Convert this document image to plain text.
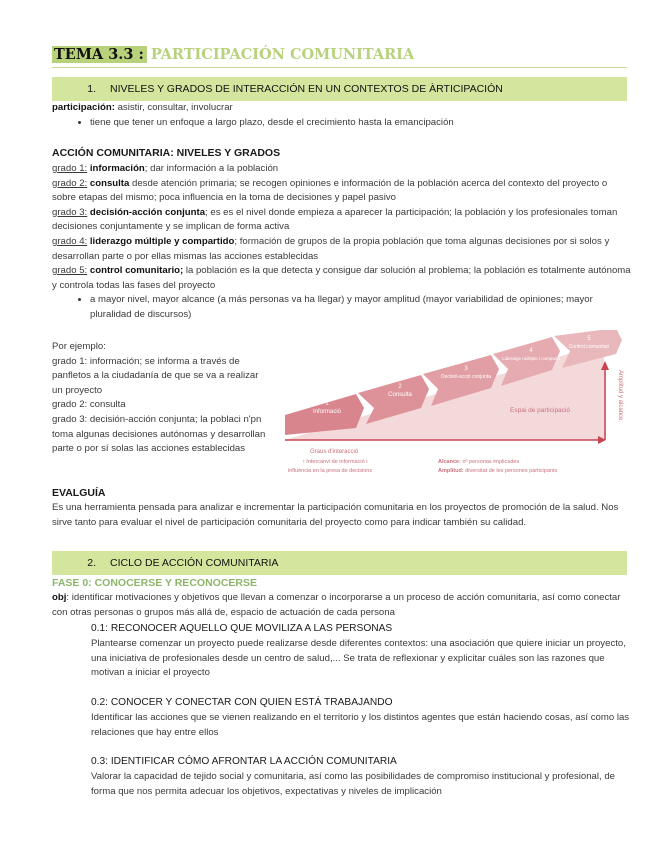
TEMA 3.3 : PARTICIPACIÓN COMUNITARIA
1. NIVELES Y GRADOS DE INTERACCIÓN EN UN CONTEXTOS DE ÀRTICIPACIÓN
participación: asistir, consultar, involucrar
• tiene que tener un enfoque a largo plazo, desde el crecimiento hasta la emancipación
ACCIÓN COMUNITARIA: NIVELES Y GRADOS
grado 1: información; dar información a la población
grado 2: consulta desde atención primaria; se recogen opiniones e información de la población acerca del contexto del proyecto o sobre etapas del mismo; poca influencia en la toma de decisiones y papel pasivo
grado 3: decisión-acción conjunta; es es el nivel donde empieza a aparecer la participación; la población y los profesionales toman decisiones conjuntamente y se implican de forma activa
grado 4: liderazgo múltiple y compartido; formación de grupos de la propia población que toma algunas decisiones por si solos y desarrollan parte o por ellas mismas las acciones establecidas
grado 5: control comunitario; la población es la que detecta y consigue dar solución al problema; la población es totalmente autónoma y controla todas las fases del proyecto
• a mayor nivel, mayor alcance (a más personas va ha llegar) y mayor amplitud (mayor variabilidad de opiniones; mayor pluralidad de discursos)
Por ejemplo:
grado 1: información; se informa a través de panfletos a la ciudadanía de que se va a realizar un proyecto
grado 2: consulta
grado 3: decisión-acción conjunta; la poblaci n'pn toma algunas decisiones autónomas y desarrollan parte o por sí solas las acciones establecidas
Espai de participació
1
Informació
2
Consulta
3
Decisió-acció conjunta
4
Lideratge múltiple i compartit
5
Control comunitari
Amplitud y alcance
Graus d'interacció
↑ Intercanvi de informació i
influència en la presa de decisions
Alcance: nº personas implicades
Amplitud: diversitat de les persones participants
EVALGUÍA
Es una herramienta pensada para analizar e incrementar la participación comunitaria en los proyectos de promoción de la salud. Nos sirve tanto para evaluar el nivel de participación comunitaria del proyecto como para indicar también su calidad.
2. CICLO DE ACCIÓN COMUNITARIA
FASE 0: CONOCERSE Y RECONOCERSE
obj: identificar motivaciones y objetivos que llevan a comenzar o incorporarse a un proceso de acción comunitaria, así como conectar con otras personas o grupos más allá de, espacio de actuación de cada persona
0.1: RECONOCER AQUELLO QUE MOVILIZA A LAS PERSONAS
Plantearse comenzar un proyecto puede realizarse desde diferentes contextos: una asociación que quiere iniciar un proyecto, una iniciativa de profesionales desde un centro de salud,... Se trata de reflexionar y explicitar cuáles son las razones que motivan a iniciar el proyecto
0.2: CONOCER Y CONECTAR CON QUIEN ESTÁ TRABAJANDO
Identificar las acciones que se vienen realizando en el territorio y los distintos agentes que están haciendo cosas, así como las relaciones que hay entre ellos
0.3: IDENTIFICAR CÓMO AFRONTAR LA ACCIÓN COMUNITARIA
Valorar la capacidad de tejido social y comunitaria, así como las posibilidades de compromiso institucional y profesional, de forma que nos permita adecuar los objetivos, expectativas y niveles de implicación
